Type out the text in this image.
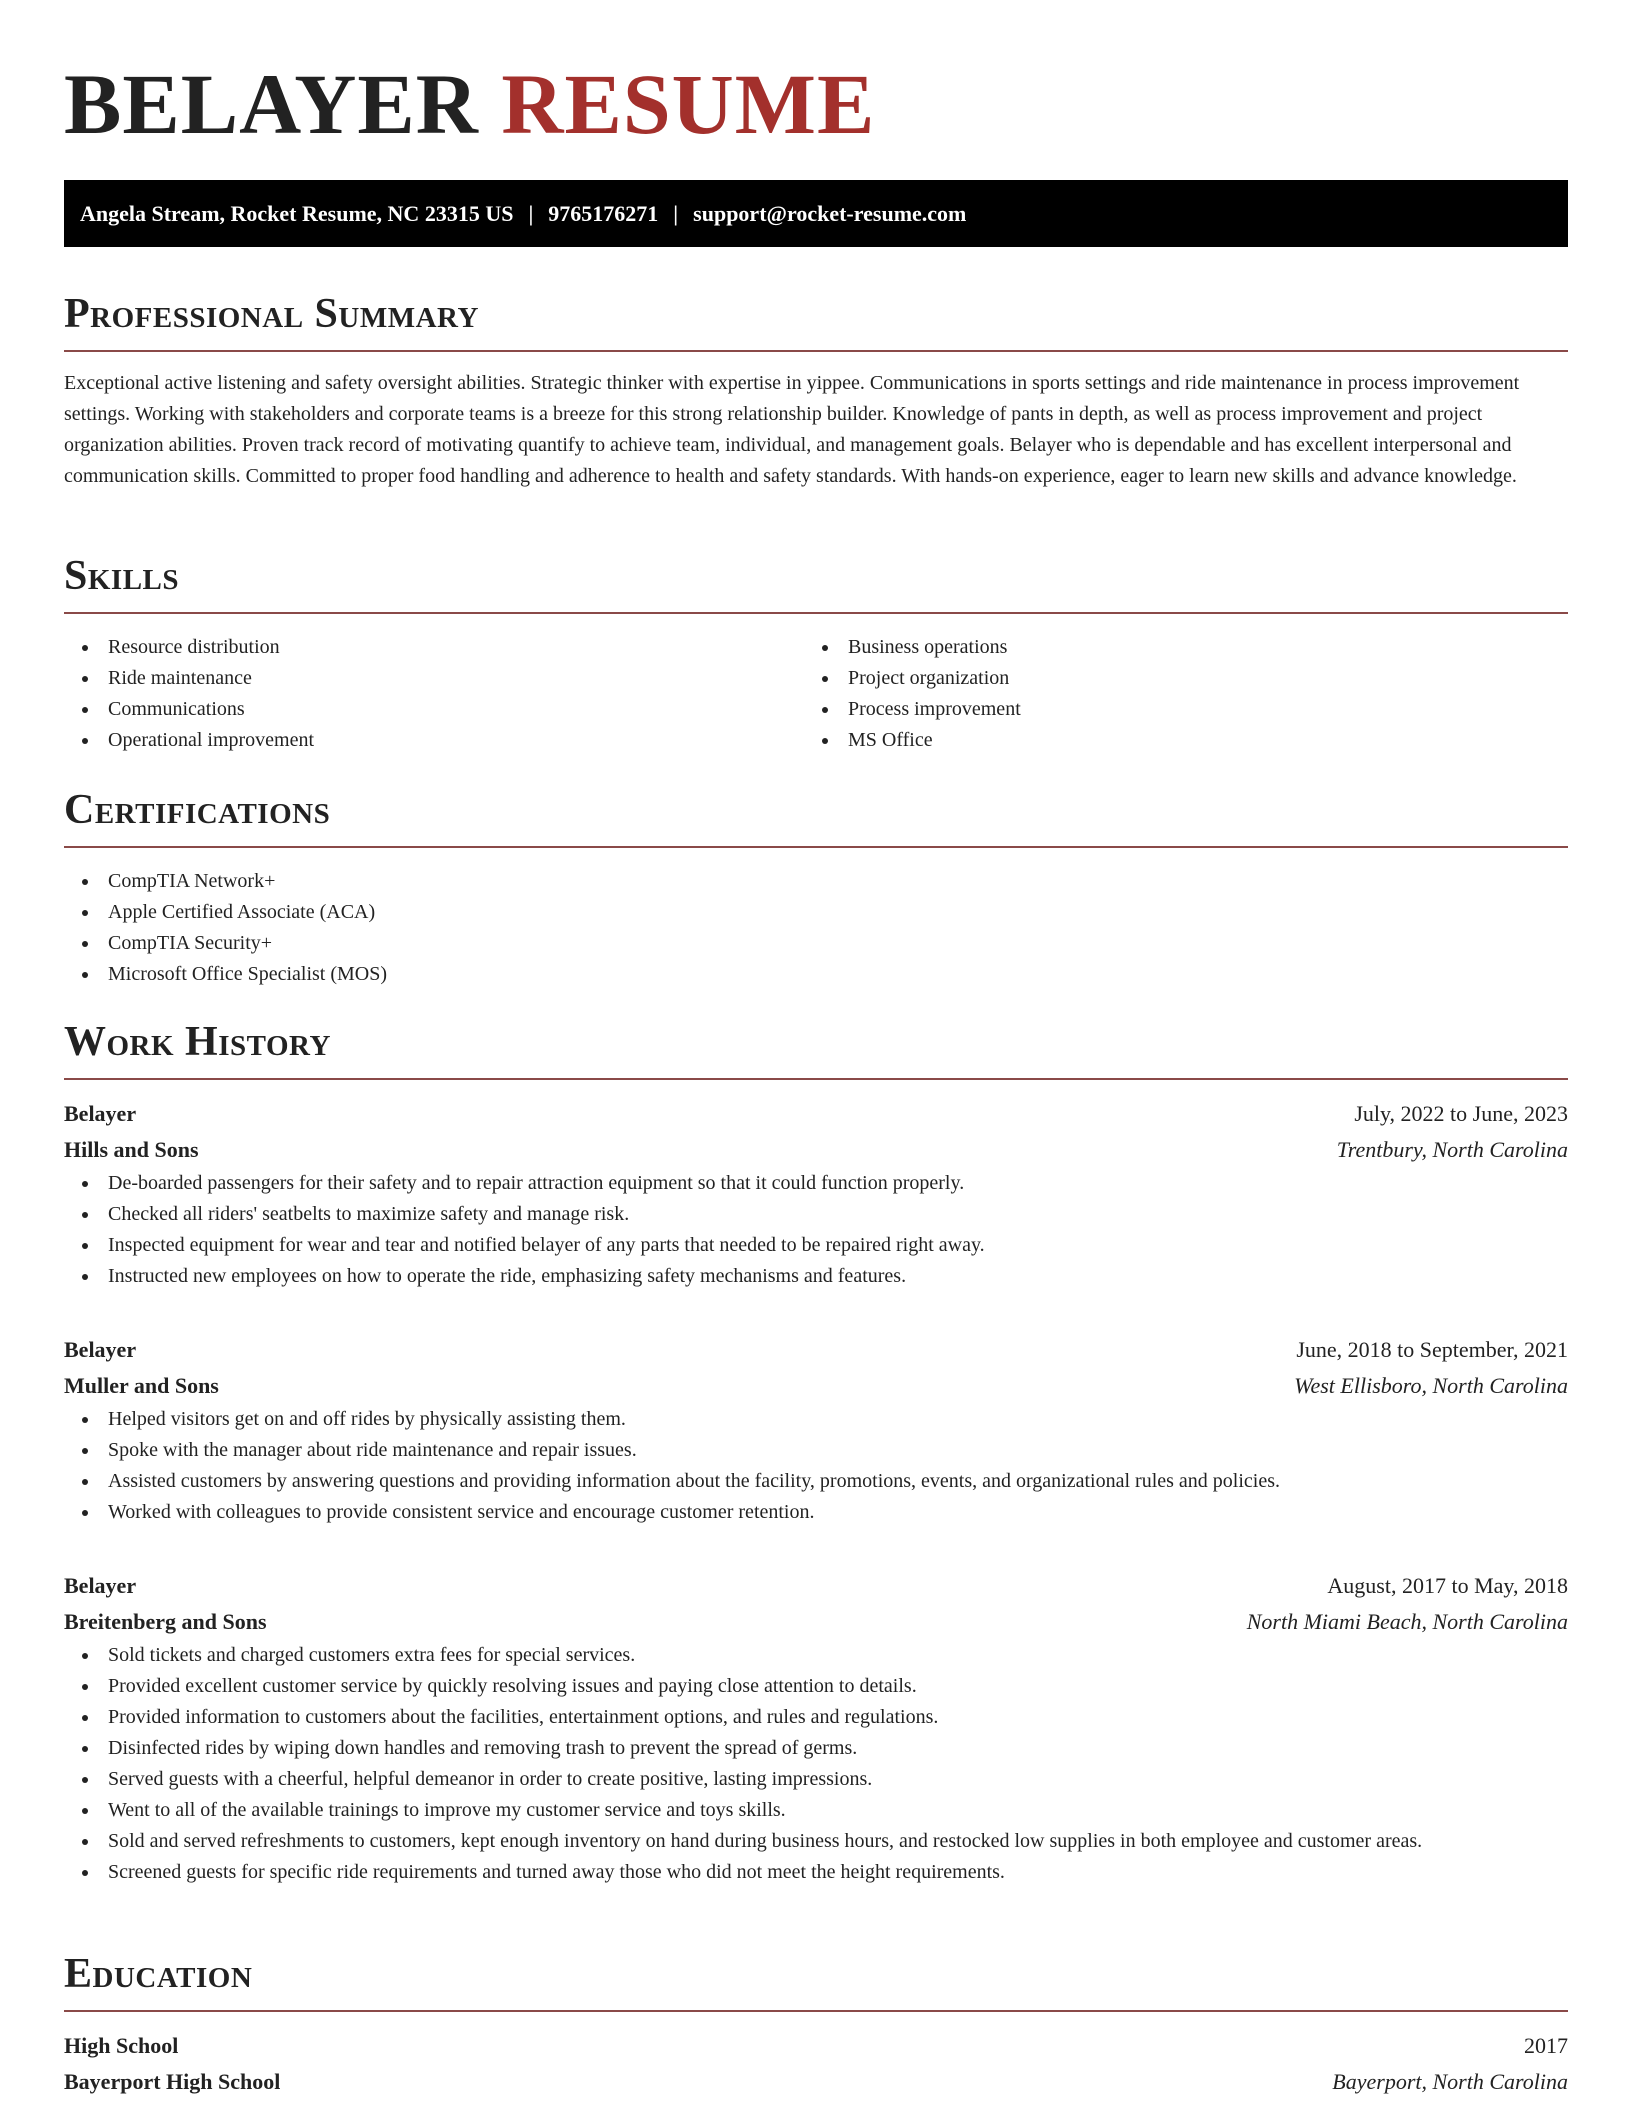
BELAYER RESUME
Angela Stream, Rocket Resume, NC 23315 US | 9765176271 | support@rocket-resume.com
Professional Summary

Exceptional active listening and safety oversight abilities. Strategic thinker with expertise in yippee. Communications in sports settings and ride maintenance in process improvement settings. Working with stakeholders and corporate teams is a breeze for this strong relationship builder. Knowledge of pants in depth, as well as process improvement and project organization abilities. Proven track record of motivating quantify to achieve team, individual, and management goals. Belayer who is dependable and has excellent interpersonal and communication skills. Committed to proper food handling and adherence to health and safety standards. With hands-on experience, eager to learn new skills and advance knowledge.

Skills
Resource distribution
Ride maintenance
Communications
Operational improvement
Business operations
Project organization
Process improvement
MS Office
Certifications
CompTIA Network+
Apple Certified Associate (ACA)
CompTIA Security+
Microsoft Office Specialist (MOS)
Work History
Belayer	July, 2022 to June, 2023
Hills and Sons	Trentbury, North Carolina
De-boarded passengers for their safety and to repair attraction equipment so that it could function properly.
Checked all riders' seatbelts to maximize safety and manage risk.
Inspected equipment for wear and tear and notified belayer of any parts that needed to be repaired right away.
Instructed new employees on how to operate the ride, emphasizing safety mechanisms and features.
Belayer	June, 2018 to September, 2021
Muller and Sons	West Ellisboro, North Carolina
Helped visitors get on and off rides by physically assisting them.
Spoke with the manager about ride maintenance and repair issues.
Assisted customers by answering questions and providing information about the facility, promotions, events, and organizational rules and policies.
Worked with colleagues to provide consistent service and encourage customer retention.
Belayer	August, 2017 to May, 2018
Breitenberg and Sons	North Miami Beach, North Carolina
Sold tickets and charged customers extra fees for special services.
Provided excellent customer service by quickly resolving issues and paying close attention to details.
Provided information to customers about the facilities, entertainment options, and rules and regulations.
Disinfected rides by wiping down handles and removing trash to prevent the spread of germs.
Served guests with a cheerful, helpful demeanor in order to create positive, lasting impressions.
Went to all of the available trainings to improve my customer service and toys skills.
Sold and served refreshments to customers, kept enough inventory on hand during business hours, and restocked low supplies in both employee and customer areas.
Screened guests for specific ride requirements and turned away those who did not meet the height requirements.
Education
High School	2017
Bayerport High School	Bayerport, North Carolina
